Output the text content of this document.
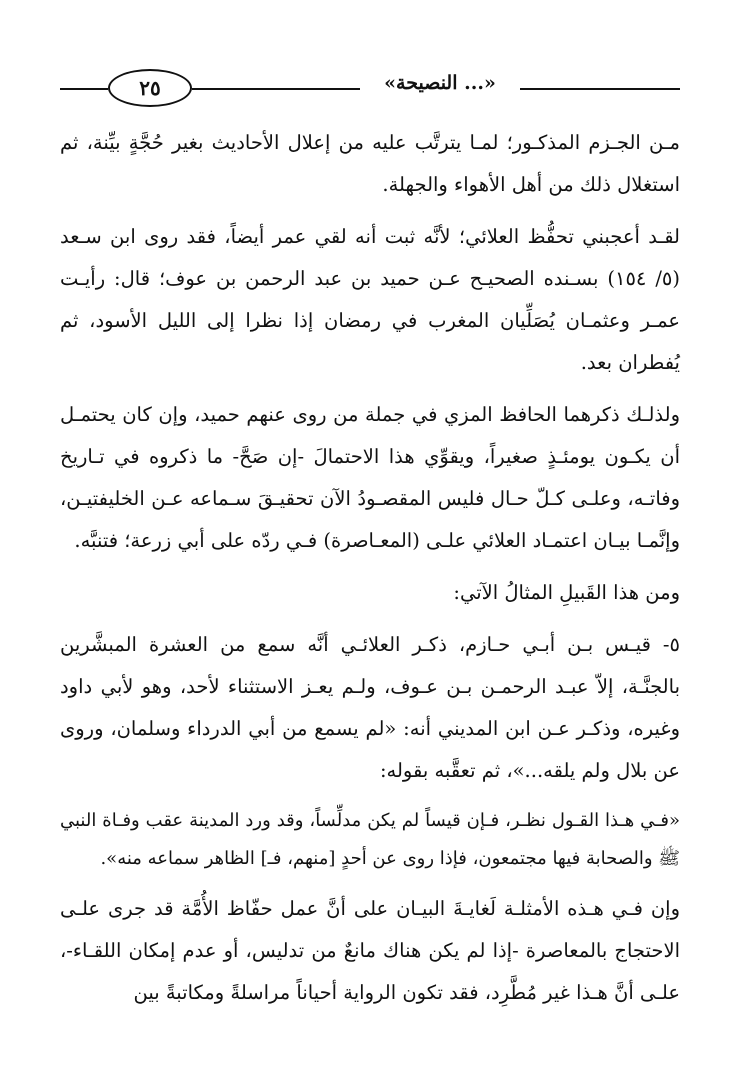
٢٥	«النصيحة ...»

مـن الجـزم المذكـور؛ لمـا يترتَّب عليه من إعلال الأحاديث بغير حُجَّةٍ بيِّنة، ثم استغلال ذلك من أهل الأهواء والجهلة.

لقـد أعجبني تحفُّظ العلائي؛ لأنَّه ثبت أنه لقي عمر أيضاً، فقد روى ابن سـعد (٥/ ١٥٤) بسـنده الصحيـح عـن حميد بن عبد الرحمن بن عوف؛ قال: رأيـت عمـر وعثمـان يُصَلِّيان المغرب في رمضان إذا نظرا إلى الليل الأسود، ثم يُفطران بعد.

ولذلـك ذكرهما الحافظ المزي في جملة من روى عنهم حميد، وإن كان يحتمـل أن يكـون يومئـذٍ صغيراً، ويقوِّي هذا الاحتمالَ -إن صَحَّ- ما ذكروه في تـاريخ وفاتـه، وعلـى كـلّ حـال فليس المقصـودُ الآن تحقيـقَ سـماعه عـن الخليفتيـن، وإنَّمـا بيـان اعتمـاد العلائي علـى (المعـاصرة) فـي ردّه على أبي زرعة؛ فتنبَّه.

ومن هذا القَبيلِ المثالُ الآتي:

٥- قيـس بـن أبـي حـازم، ذكـر العلائـي أنَّه سمع من العشرة المبشَّرين بالجنَّـة، إلاّ عبـد الرحمـن بـن عـوف، ولـم يعـز الاستثناء لأحد، وهو لأبي داود وغيره، وذكـر عـن ابن المديني أنه: «لم يسمع من أبي الدرداء وسلمان، وروى عن بلال ولم يلقه...»، ثم تعقَّبه بقوله:

«فـي هـذا القـول نظـر، فـإن قيساً لم يكن مدلِّساً، وقد ورد المدينة عقب وفـاة النبي ﷺ والصحابة فيها مجتمعون، فإذا روى عن أحدٍ [منهم، فـ] الظاهر سماعه منه».

وإن فـي هـذه الأمثلـة لَغايـةَ البيـان على أنَّ عمل حفّاظ الأُمَّة قد جرى علـى الاحتجاج بالمعاصرة -إذا لم يكن هناك مانعٌ من تدليس، أو عدم إمكان اللقـاء-، علـى أنَّ هـذا غير مُطَّرِد، فقد تكون الرواية أحياناً مراسلةً ومكاتبةً بين
